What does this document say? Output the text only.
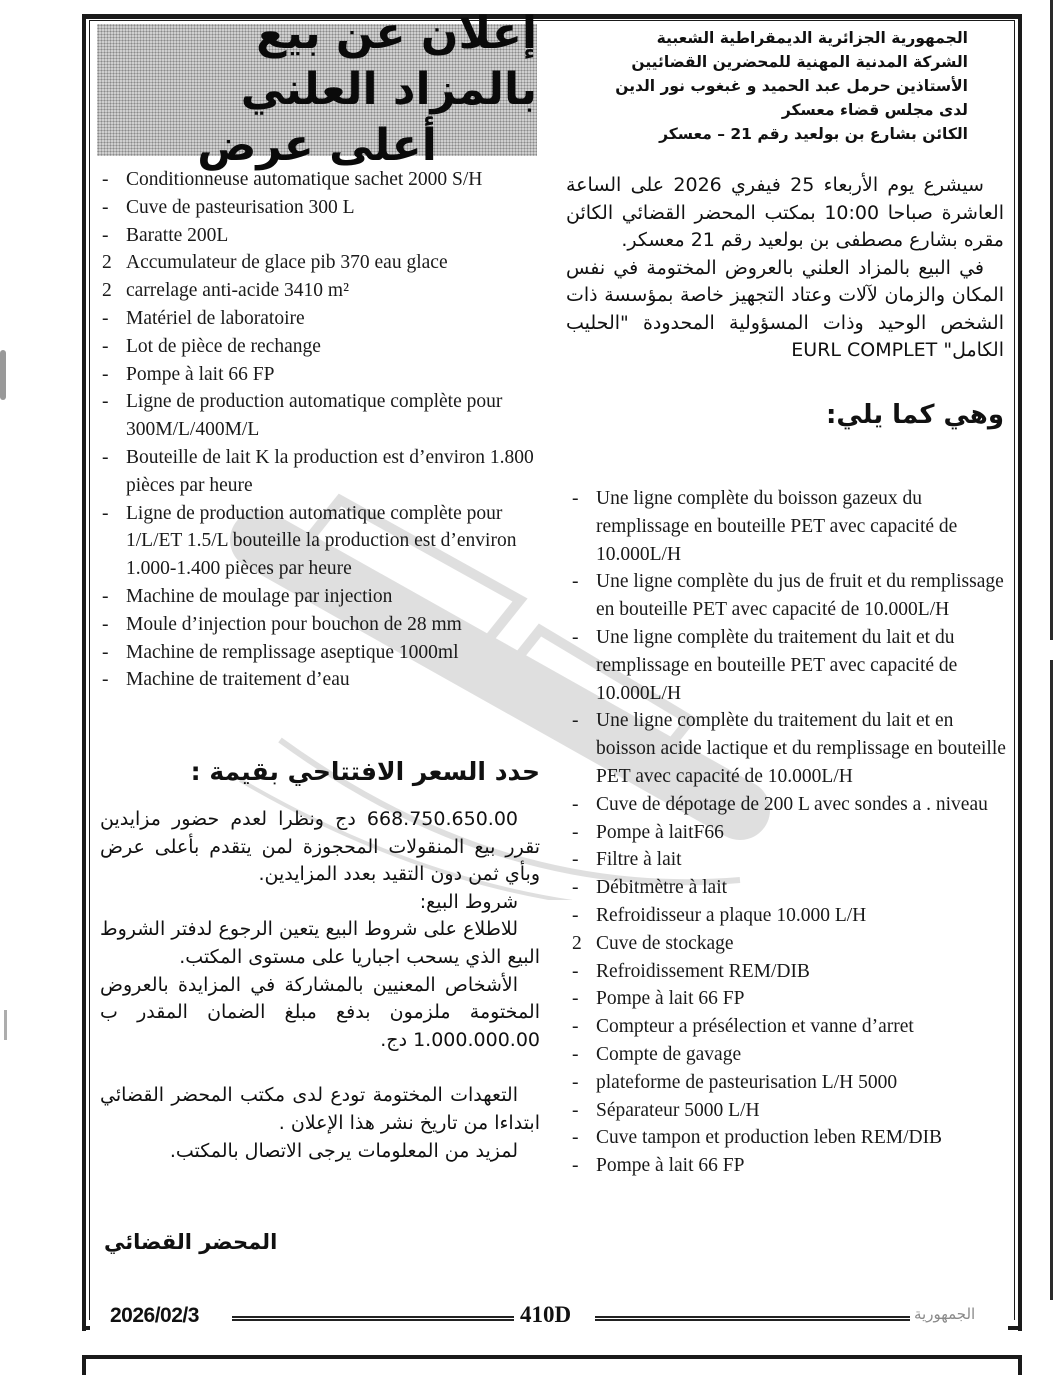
إعلان عن بيع بالمزاد العلني
أعلى عرض
الجمهورية الجزائرية الديمقراطية الشعبية
الشركة المدنية المهنية للمحضرين القضائيين
الأستاذين حرمل عبد الحميد و غبغوب نور الدين
لدى مجلس قضاء معسكر
الكائن بشارع بن بولعيد رقم 21 – معسكر

سيشرع يوم الأربعاء 25 فيفري 2026 على الساعة العاشرة صباحا 10:00 بمكتب المحضر القضائي الكائن مقره بشارع مصطفى بن بولعيد رقم 21 معسكر.

في البيع بالمزاد العلني بالعروض المختومة في نفس المكان والزمان لآلات وعتاد التجهيز خاصة بمؤسسة ذات الشخص الوحيد وذات المسؤولية المحدودة "الحليب الكامل" EURL COMPLET

وهي كما يلي:
- Conditionneuse automatique sachet 2000 S/H
- Cuve de pasteurisation 300 L
- Baratte 200L
2 Accumulateur de glace pib 370 eau glace
2 carrelage anti-acide 3410 m²
- Matériel de laboratoire
- Lot de pièce de rechange
- Pompe à lait 66 FP
- Ligne de production automatique complète pour 300M/L/400M/L
- Bouteille de lait K la production est d’environ 1.800 pièces par heure
- Ligne de production automatique complète pour 1/L/ET 1.5/L bouteille la production est d’environ 1.000-1.400 pièces par heure
- Machine de moulage par injection
- Moule d’injection pour bouchon de 28 mm
- Machine de remplissage aseptique 1000ml
- Machine de traitement d’eau
- Une ligne complète du boisson gazeux du remplissage en bouteille PET avec capacité de 10.000L/H
- Une ligne complète du jus de fruit et du remplissage en bouteille PET avec capacité de 10.000L/H
- Une ligne complète du traitement du lait et du remplissage en bouteille PET avec capacité de 10.000L/H
- Une ligne complète du traitement du lait et en boisson acide lactique et du remplissage en bouteille PET avec capacité de 10.000L/H
- Cuve de dépotage de 200 L avec sondes a . niveau
- Pompe à laitF66
- Filtre à lait
- Débitmètre à lait
- Refroidisseur a plaque 10.000 L/H
2 Cuve de stockage
- Refroidissement REM/DIB
- Pompe à lait 66 FP
- Compteur a présélection et vanne d’arret
- Compte de gavage
- plateforme de pasteurisation L/H 5000
- Séparateur 5000 L/H
- Cuve tampon et production leben REM/DIB
- Pompe à lait 66 FP
حدد السعر الافتتاحي بقيمة :

668.750.650.00 دج ونظرا لعدم حضور مزايدين تقرر بيع المنقولات المحجوزة لمن يتقدم بأعلى عرض وبأي ثمن دون التقيد بعدد المزايدين.

شروط البيع:

للاطلاع على شروط البيع يتعين الرجوع لدفتر الشروط البيع الذي يسحب اجباريا على مستوى المكتب.

الأشخاص المعنيين بالمشاركة في المزايدة بالعروض المختومة ملزمون بدفع مبلغ الضمان المقدر ب 1.000.000.00 دج.

التعهدات المختومة تودع لدى مكتب المحضر القضائي ابتداءا من تاريخ نشر هذا الإعلان .

لمزيد من المعلومات يرجى الاتصال بالمكتب.

المحضر القضائي
2026/02/3	410D	الجمهورية
